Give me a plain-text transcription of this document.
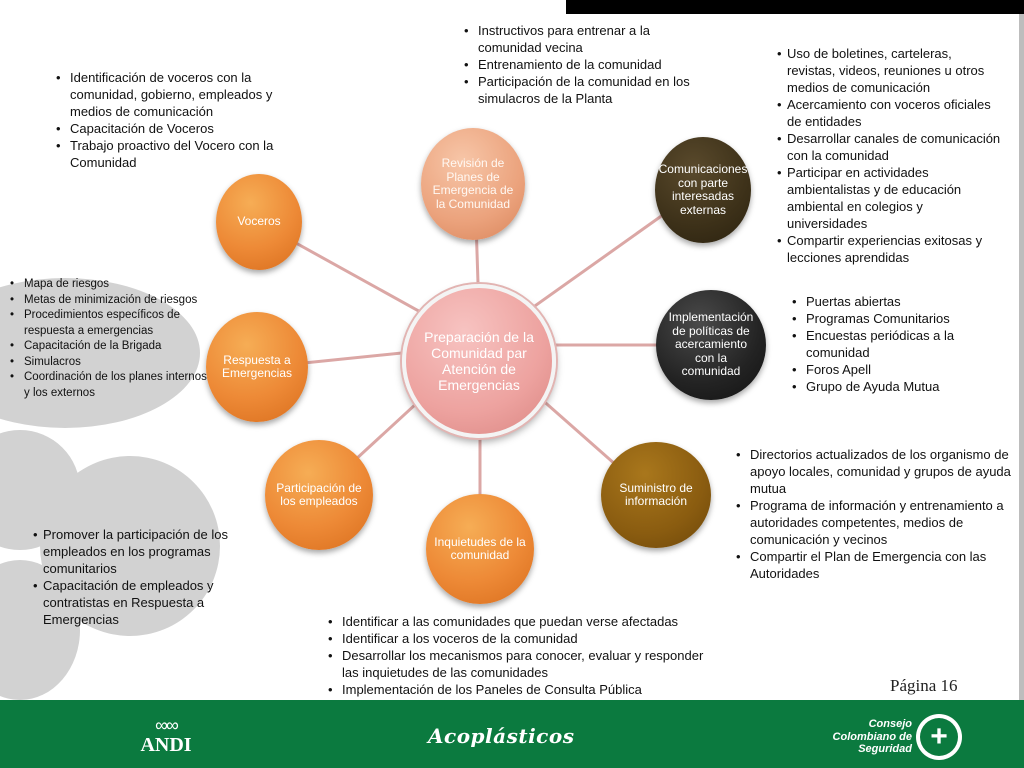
Preparación de la Comunidad par Atención de Emergencias
Voceros
Revisión de Planes de Emergencia de la Comunidad
Comunicaciones con parte interesadas externas
Implementación de políticas de acercamiento con la comunidad
Suministro de información
Inquietudes de la comunidad
Participación de los empleados
Respuesta a Emergencias
• Identificación de voceros con la comunidad, gobierno, empleados y medios de comunicación
• Capacitación de Voceros
• Trabajo proactivo del Vocero con la Comunidad
• Instructivos para entrenar a la comunidad vecina
• Entrenamiento de la comunidad
• Participación de la comunidad en los simulacros de la Planta
• Uso de boletines, carteleras, revistas, videos, reuniones u otros medios de comunicación
• Acercamiento con voceros oficiales de entidades
• Desarrollar canales de comunicación con la comunidad
• Participar en actividades ambientalistas y de educación ambiental en colegios y universidades
• Compartir experiencias exitosas y lecciones aprendidas
• Puertas abiertas
• Programas Comunitarios
• Encuestas periódicas a la comunidad
• Foros Apell
• Grupo de Ayuda Mutua
• Mapa de riesgos
• Metas de minimización de riesgos
• Procedimientos específicos de respuesta a emergencias
• Capacitación de la Brigada
• Simulacros
• Coordinación de los planes internos y los externos
• Directorios actualizados de los organismo de apoyo locales, comunidad y grupos de ayuda mutua
• Programa de información y entrenamiento a autoridades competentes, medios de comunicación y vecinos
• Compartir el Plan de Emergencia con las Autoridades
• Promover la participación de los empleados en los programas comunitarios
• Capacitación de empleados y contratistas en Respuesta a Emergencias
•	Identificar a las comunidades que puedan verse afectadas
• Identificar a los voceros de la comunidad
• Desarrollar los mecanismos para conocer, evaluar y responder las inquietudes de las comunidades
• Implementación de los Paneles de Consulta Pública	Página 16
∞∞
ANDI	Acoplásticos	Consejo Colombiano de Seguridad +
